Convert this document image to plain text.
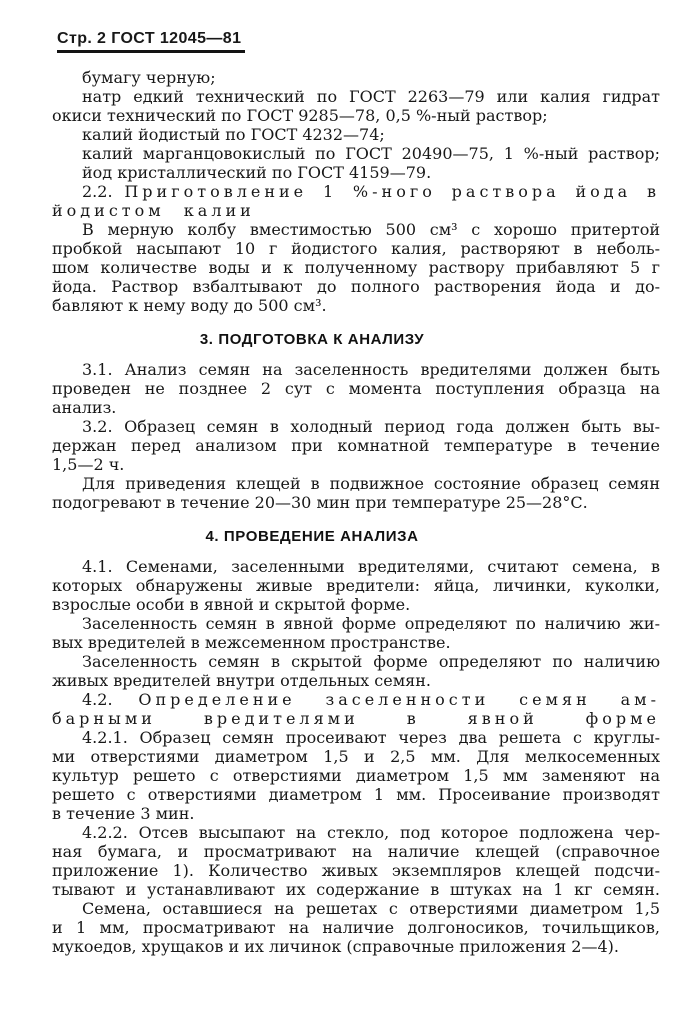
Стр. 2 ГОСТ 12045—81
бумагу черную;
натр едкий технический по ГОСТ 2263—79 или калия гидрат
окиси технический по ГОСТ 9285—78, 0,5 %-ный раствор;
калий йодистый по ГОСТ 4232—74;
калий марганцовокислый по ГОСТ 20490—75, 1 %-ный раствор;
йод кристаллический по ГОСТ 4159—79.
2.2. Приготовление 1 %-ного раствора йода в
йодистом калии
В мерную колбу вместимостью 500 см³ с хорошо притертой
пробкой насыпают 10 г йодистого калия, растворяют в неболь-
шом количестве воды и к полученному раствору прибавляют 5 г
йода. Раствор взбалтывают до полного растворения йода и до-
бавляют к нему воду до 500 см³.
3. ПОДГОТОВКА К АНАЛИЗУ
3.1. Анализ семян на заселенность вредителями должен быть
проведен не позднее 2 сут с момента поступления образца на
анализ.
3.2. Образец семян в холодный период года должен быть вы-
держан перед анализом при комнатной температуре в течение
1,5—2 ч.
Для приведения клещей в подвижное состояние образец семян
подогревают в течение 20—30 мин при температуре 25—28°С.
4. ПРОВЕДЕНИЕ АНАЛИЗА
4.1. Семенами, заселенными вредителями, считают семена, в
которых обнаружены живые вредители: яйца, личинки, куколки,
взрослые особи в явной и скрытой форме.
Заселенность семян в явной форме определяют по наличию жи-
вых вредителей в межсеменном пространстве.
Заселенность семян в скрытой форме определяют по наличию
живых вредителей внутри отдельных семян.
4.2. Определение заселенности семян ам-
барными вредителями в явной форме
4.2.1. Образец семян просеивают через два решета с круглы-
ми отверстиями диаметром 1,5 и 2,5 мм. Для мелкосеменных
культур решето с отверстиями диаметром 1,5 мм заменяют на
решето с отверстиями диаметром 1 мм. Просеивание производят
в течение 3 мин.
4.2.2. Отсев высыпают на стекло, под которое подложена чер-
ная бумага, и просматривают на наличие клещей (справочное
приложение 1). Количество живых экземпляров клещей подсчи-
тывают и устанавливают их содержание в штуках на 1 кг семян.
Семена, оставшиеся на решетах с отверстиями диаметром 1,5
и 1 мм, просматривают на наличие долгоносиков, точильщиков,
мукоедов, хрущаков и их личинок (справочные приложения 2—4).
